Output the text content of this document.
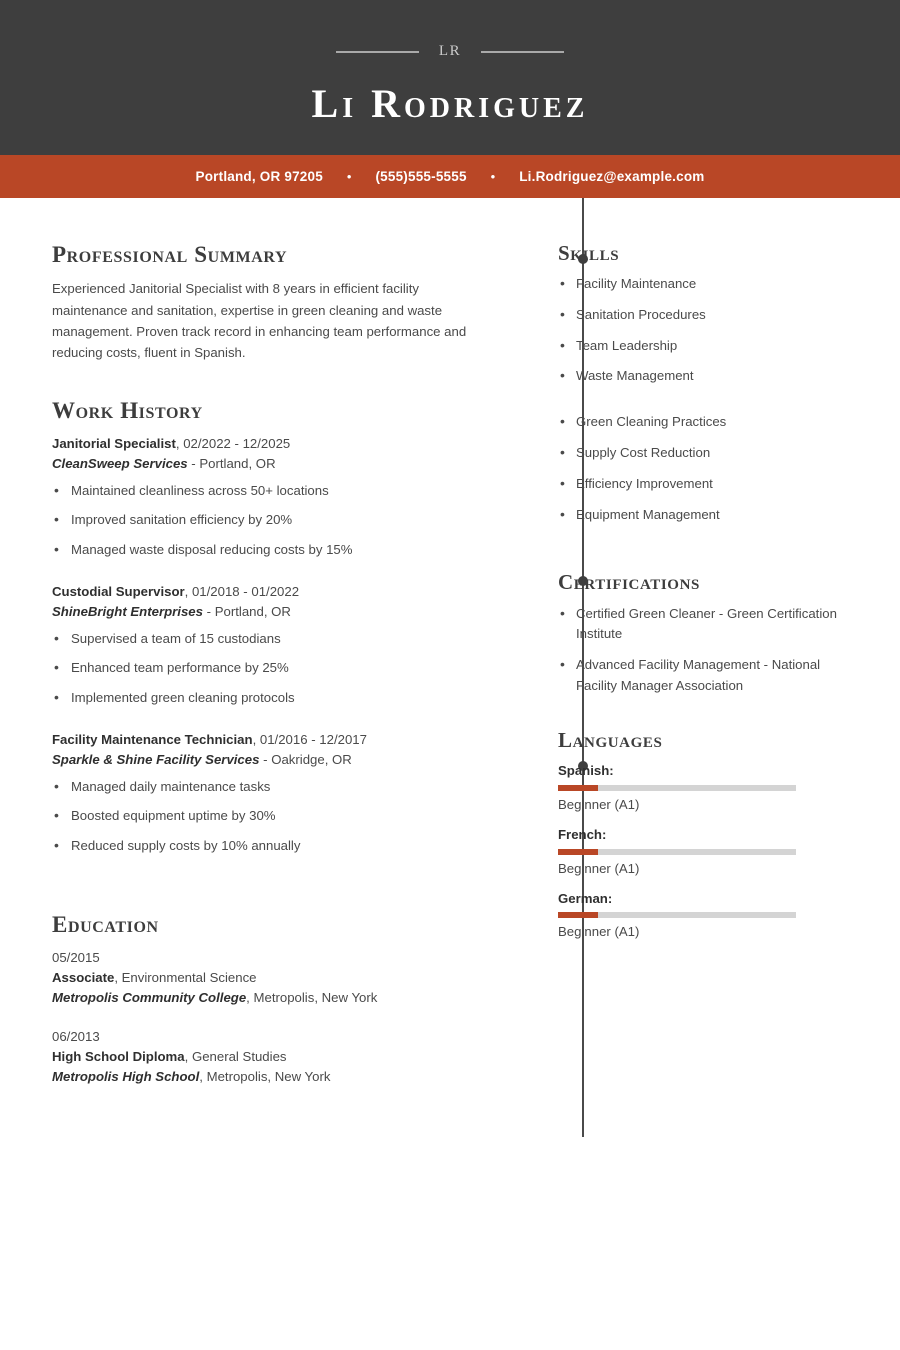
LR
Li Rodriguez
Portland, OR 97205	•	(555)555-5555	•	Li.Rodriguez@example.com
Professional Summary

Experienced Janitorial Specialist with 8 years in efficient facility maintenance and sanitation, expertise in green cleaning and waste management. Proven track record in enhancing team performance and reducing costs, fluent in Spanish.

Work History
Janitorial Specialist, 02/2022 - 12/2025
CleanSweep Services - Portland, OR
• Maintained cleanliness across 50+ locations
• Improved sanitation efficiency by 20%
• Managed waste disposal reducing costs by 15%
Custodial Supervisor, 01/2018 - 01/2022
ShineBright Enterprises - Portland, OR
• Supervised a team of 15 custodians
• Enhanced team performance by 25%
• Implemented green cleaning protocols
Facility Maintenance Technician, 01/2016 - 12/2017
Sparkle & Shine Facility Services - Oakridge, OR
• Managed daily maintenance tasks
• Boosted equipment uptime by 30%
• Reduced supply costs by 10% annually
Education
05/2015
Associate, Environmental Science
Metropolis Community College, Metropolis, New York
06/2013
High School Diploma, General Studies
Metropolis High School, Metropolis, New York
Skills
• Facility Maintenance
• Sanitation Procedures
• Team Leadership
• Waste Management
• Green Cleaning Practices
• Supply Cost Reduction
• Efficiency Improvement
• Equipment Management
Certifications
• Certified Green Cleaner - Green Certification Institute
• Advanced Facility Management - National Facility Manager Association
Languages
Spanish:
Beginner (A1)
French:
Beginner (A1)
German:
Beginner (A1)
